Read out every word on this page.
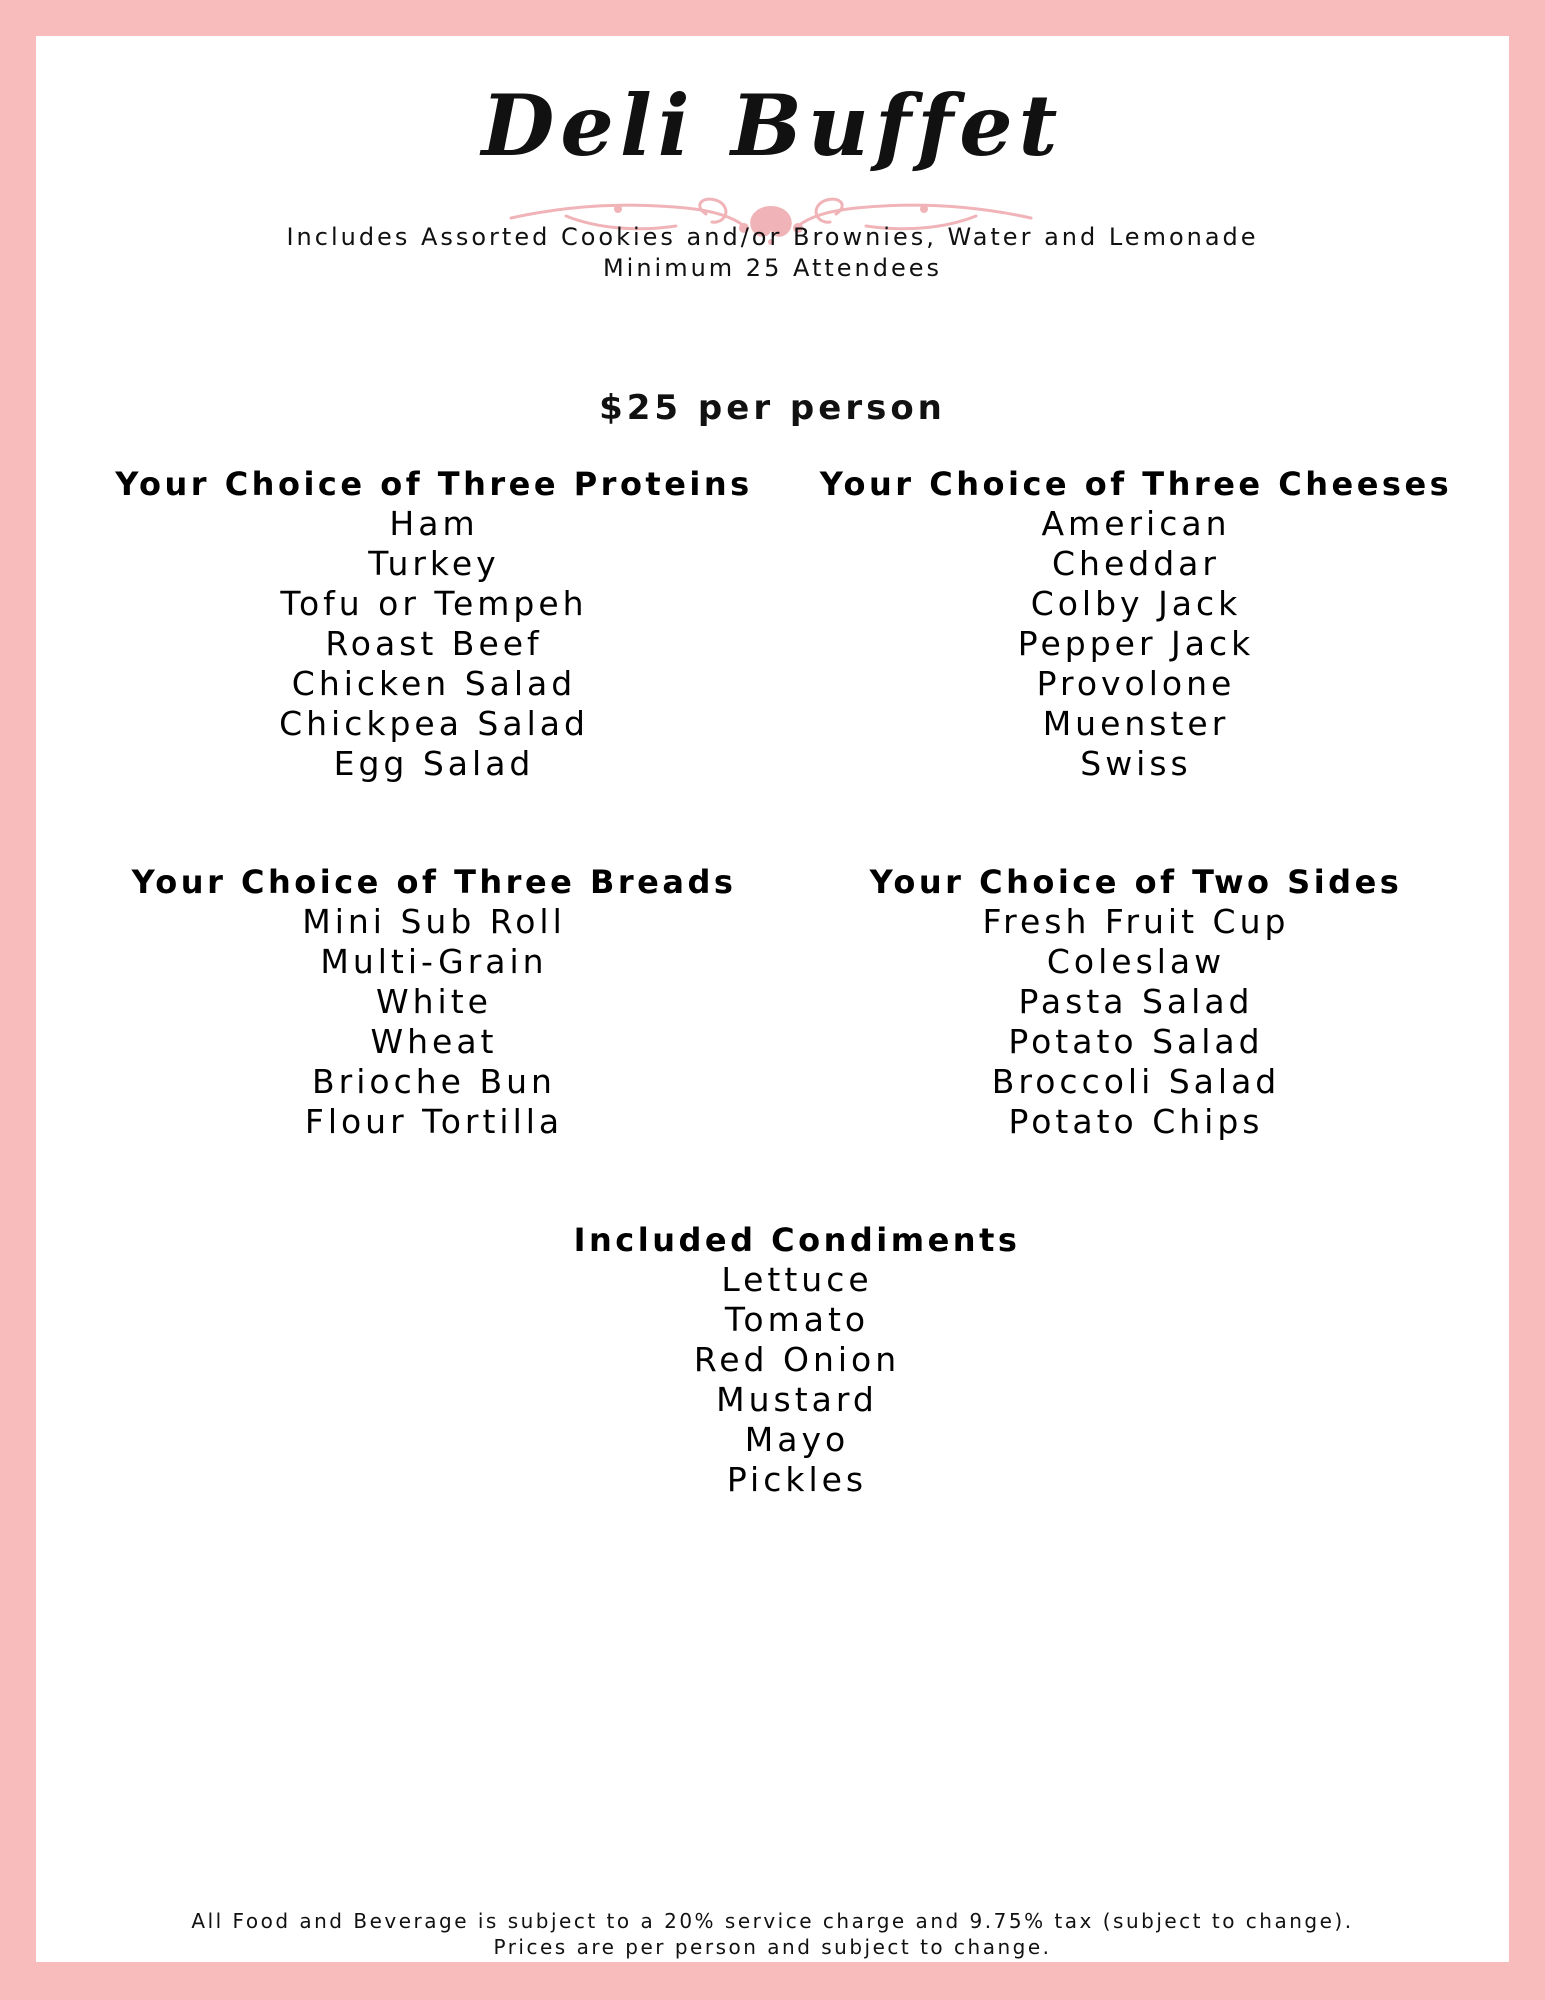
Deli Buffet
Includes Assorted Cookies and/or Brownies, Water and Lemonade
Minimum 25 Attendees
$25 per person
Your Choice of Three Proteins
Ham
Turkey
Tofu or Tempeh
Roast Beef
Chicken Salad
Chickpea Salad
Egg Salad
Your Choice of Three Cheeses
American
Cheddar
Colby Jack
Pepper Jack
Provolone
Muenster
Swiss
Your Choice of Three Breads
Mini Sub Roll
Multi-Grain
White
Wheat
Brioche Bun
Flour Tortilla
Your Choice of Two Sides
Fresh Fruit Cup
Coleslaw
Pasta Salad
Potato Salad
Broccoli Salad
Potato Chips
Included Condiments
Lettuce
Tomato
Red Onion
Mustard
Mayo
Pickles
All Food and Beverage is subject to a 20% service charge and 9.75% tax (subject to change).
Prices are per person and subject to change.
